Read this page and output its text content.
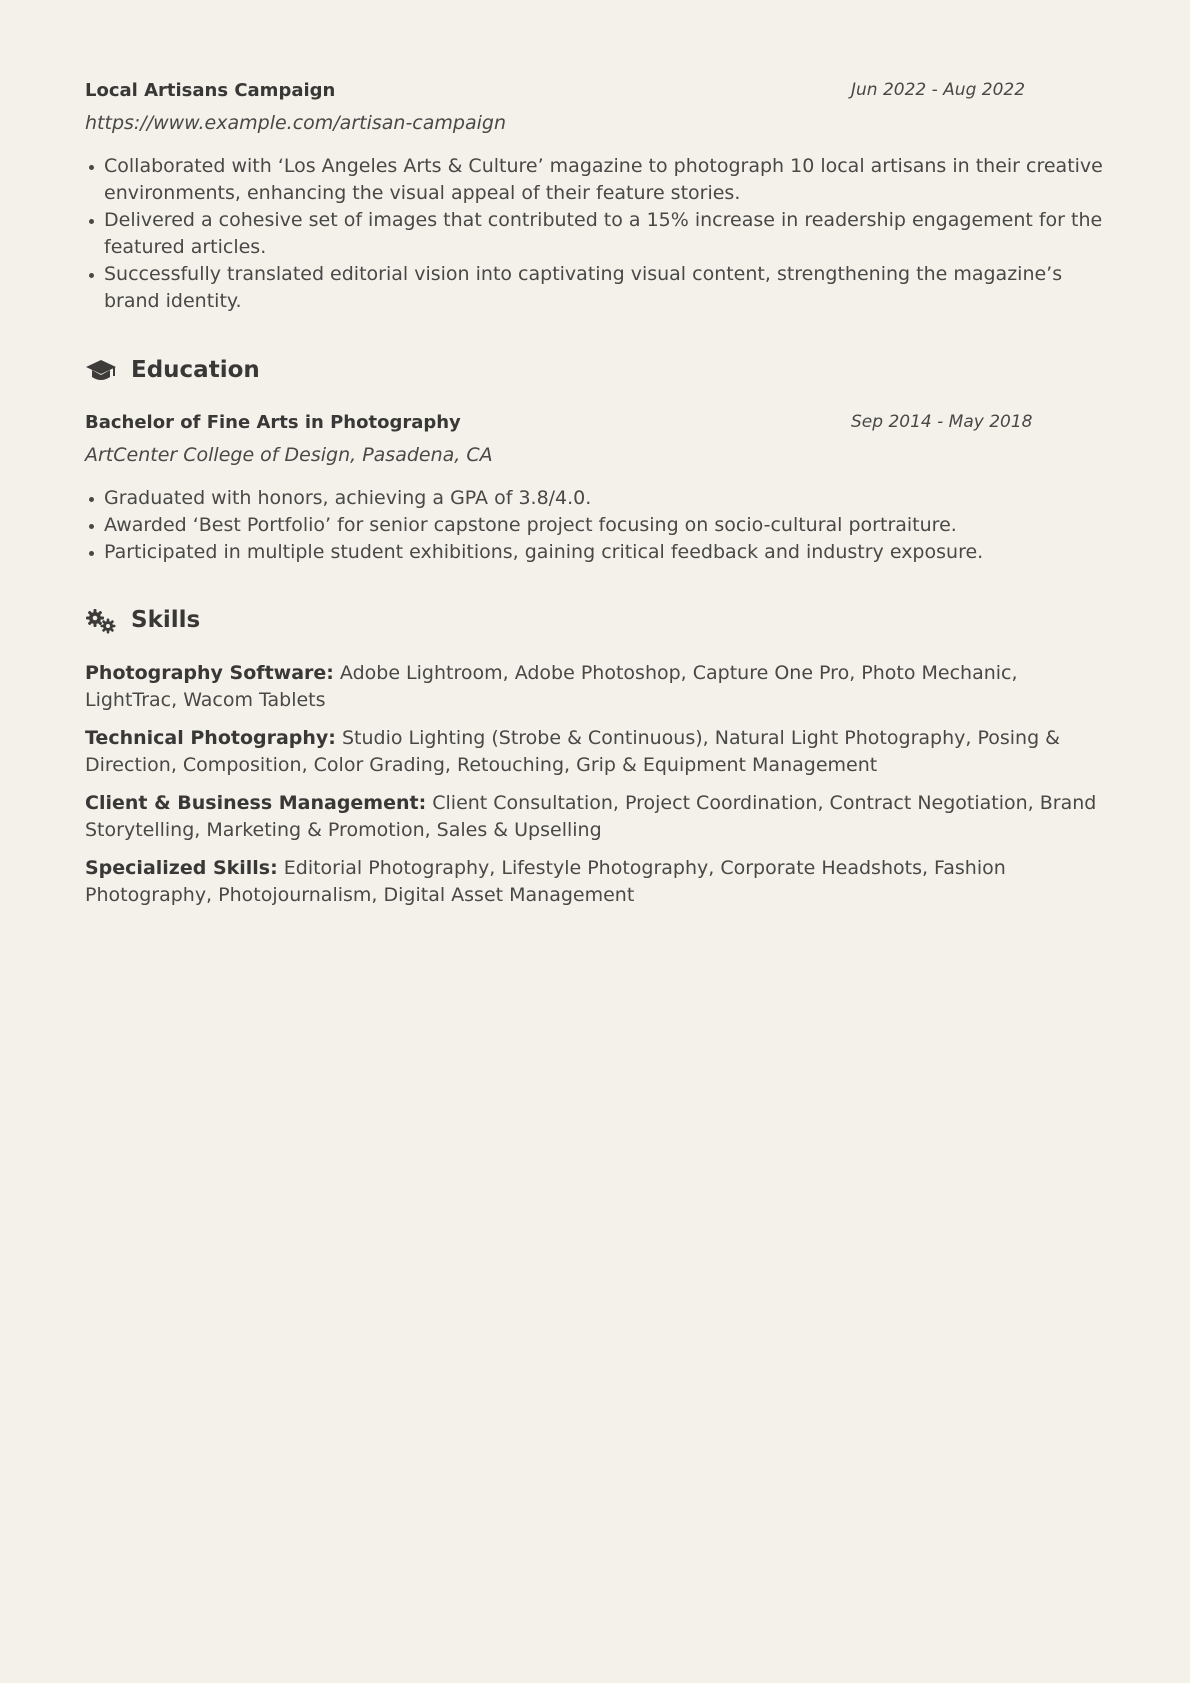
Local Artisans Campaign	Jun 2022 - Aug 2022
https://www.example.com/artisan-campaign
Collaborated with ‘Los Angeles Arts & Culture’ magazine to photograph 10 local artisans in their creative environments, enhancing the visual appeal of their feature stories.
Delivered a cohesive set of images that contributed to a 15% increase in readership engagement for the featured articles.
Successfully translated editorial vision into captivating visual content, strengthening the magazine’s brand identity.
Education
Bachelor of Fine Arts in Photography	Sep 2014 - May 2018
ArtCenter College of Design, Pasadena, CA
Graduated with honors, achieving a GPA of 3.8/4.0.
Awarded ‘Best Portfolio’ for senior capstone project focusing on socio-cultural portraiture.
Participated in multiple student exhibitions, gaining critical feedback and industry exposure.
Skills
Photography Software: Adobe Lightroom, Adobe Photoshop, Capture One Pro, Photo Mechanic, LightTrac, Wacom Tablets
Technical Photography: Studio Lighting (Strobe & Continuous), Natural Light Photography, Posing & Direction, Composition, Color Grading, Retouching, Grip & Equipment Management
Client & Business Management: Client Consultation, Project Coordination, Contract Negotiation, Brand Storytelling, Marketing & Promotion, Sales & Upselling
Specialized Skills: Editorial Photography, Lifestyle Photography, Corporate Headshots, Fashion Photography, Photojournalism, Digital Asset Management
